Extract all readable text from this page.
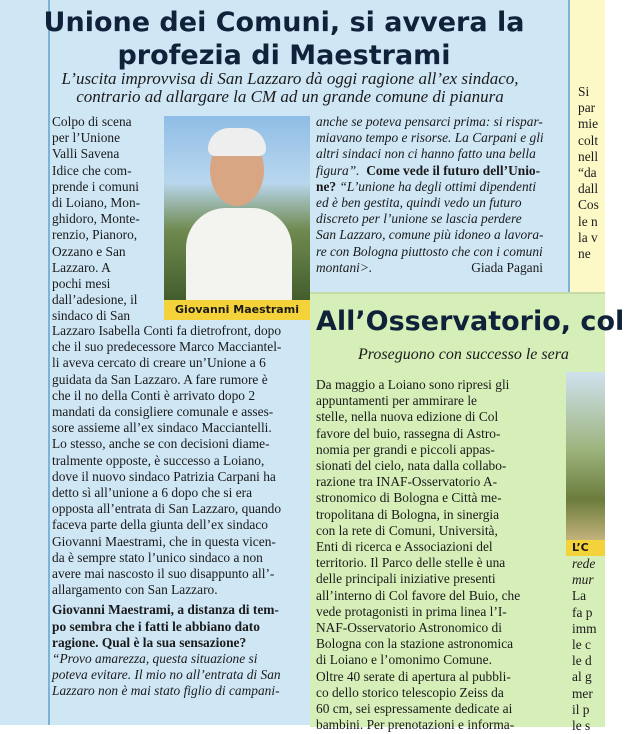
Unione dei Comuni, si avvera la
profezia di Maestrami
L’uscita improvvisa di San Lazzaro dà oggi ragione all’ex sindaco,
contrario ad allargare la CM ad un grande comune di pianura

Colpo di scena

per l’Unione

Valli Savena

Idice che com-

prende i comuni

di Loiano, Mon-

ghidoro, Monte-

renzio, Pianoro,

Ozzano e San

Lazzaro. A

pochi mesi

dall’adesione, il

sindaco di San	Giovanni Maestrami

Lazzaro Isabella Conti fa dietrofront, dopo

che il suo predecessore Marco Macciantel-

li aveva cercato di creare un’Unione a 6

guidata da San Lazzaro. A fare rumore è

che il no della Conti è arrivato dopo 2

mandati da consigliere comunale e asses-

sore assieme all’ex sindaco Macciantelli.

Lo stesso, anche se con decisioni diame-

tralmente opposte, è successo a Loiano,

dove il nuovo sindaco Patrizia Carpani ha

detto sì all’unione a 6 dopo che si era

opposta all’entrata di San Lazzaro, quando

faceva parte della giunta dell’ex sindaco

Giovanni Maestrami, che in questa vicen-

da è sempre stato l’unico sindaco a non

avere mai nascosto il suo disappunto all’-

allargamento con San Lazzaro.

Giovanni Maestrami, a distanza di tem-

po sembra che i fatti le abbiano dato

ragione. Qual è la sua sensazione?

“Provo amarezza, questa situazione si

poteva evitare. Il mio no all’entrata di San

Lazzaro non è mai stato figlio di campani-

anche se poteva pensarci prima: si rispar-

miavano tempo e risorse. La Carpani e gli

altri sindaci non ci hanno fatto una bella

figura”. Come vede il futuro dell’Unio-

ne? “L’unione ha degli ottimi dipendenti

ed è ben gestita, quindi vedo un futuro

discreto per l’unione se lascia perdere

San Lazzaro, comune più idoneo a lavora-

re con Bologna piuttosto che con i comuni

montani>.	Giada Pagani

Si

par

mie

colt

nell

“da

dall

Cos

le n

la v

ne

All’Osservatorio, col
Proseguono con successo le sera

Da maggio a Loiano sono ripresi gli

appuntamenti per ammirare le

stelle, nella nuova edizione di Col

favore del buio, rassegna di Astro-

nomia per grandi e piccoli appas-

sionati del cielo, nata dalla collabo-

razione tra INAF-Osservatorio A-

stronomico di Bologna e Città me-

tropolitana di Bologna, in sinergia

con la rete di Comuni, Università,

Enti di ricerca e Associazioni del

territorio. Il Parco delle stelle è una

delle principali iniziative presenti

all’interno di Col favore del Buio, che

vede protagonisti in prima linea l’I-

NAF-Osservatorio Astronomico di

Bologna con la stazione astronomica

di Loiano e l’omonimo Comune.

Oltre 40 serate di apertura al pubbli-

co dello storico telescopio Zeiss da

60 cm, sei espressamente dedicate ai

bambini. Per prenotazioni e informa-

L’C

rede

mur

La

fa p

imm

le c

le d

al g

mer

il p

le s
